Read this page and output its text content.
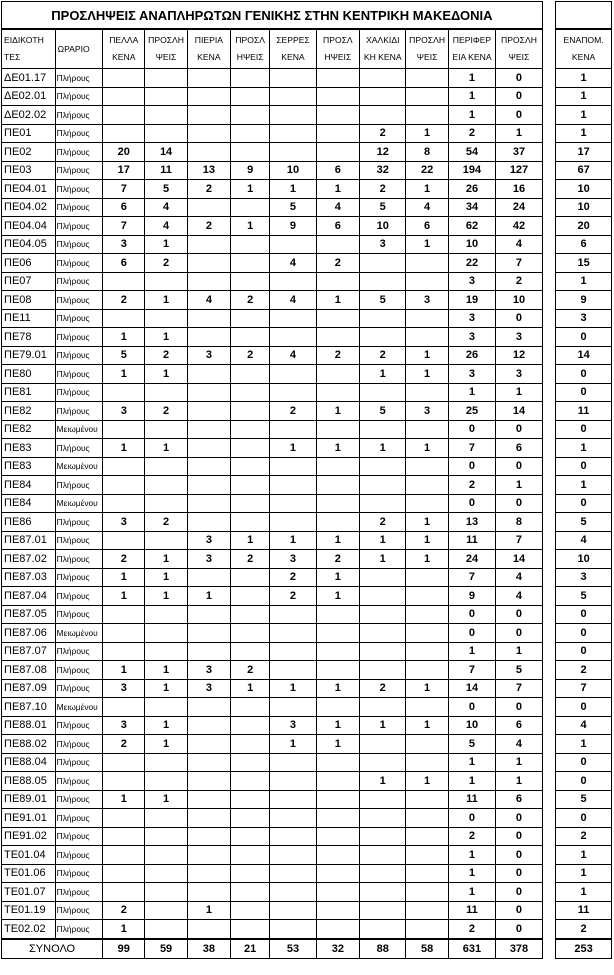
ΠΡΟΣΛΗΨΕΙΣ ΑΝΑΠΛΗΡΩΤΩΝ ΓΕΝΙΚΗΣ ΣΤΗΝ ΚΕΝΤΡΙΚΗ ΜΑΚΕΔΟΝΙΑ													
ΕΙΔΙΚΟΤΗ ΤΕΣ	ΩΡΑΡΙΟ	ΠΕΛΛΑ ΚΕΝΑ	ΠΡΟΣΛΗ ΨΕΙΣ	ΠΙΕΡΙΑ ΚΕΝΑ	ΠΡΟΣΛ ΗΨΕΙΣ	ΣΕΡΡΕΣ ΚΕΝΑ	ΠΡΟΣΛ ΗΨΕΙΣ	ΧΑΛΚΙΔΙ ΚΗ ΚΕΝΑ	ΠΡΟΣΛΗ ΨΕΙΣ	ΠΕΡΙΦΕΡ ΕΙΑ ΚΕΝΑ	ΠΡΟΣΛΗ ΨΕΙΣ		ΕΝΑΠΟΜ. ΚΕΝΑ
ΔΕ01.17	Πλήρους									1	0		1
ΔΕ02.01	Πλήρους									1	0		1
ΔΕ02.02	Πλήρους									1	0		1
ΠΕ01	Πλήρους							2	1	2	1		1
ΠΕ02	Πλήρους	20	14					12	8	54	37		17
ΠΕ03	Πλήρους	17	11	13	9	10	6	32	22	194	127		67
ΠΕ04.01	Πλήρους	7	5	2	1	1	1	2	1	26	16		10
ΠΕ04.02	Πλήρους	6	4			5	4	5	4	34	24		10
ΠΕ04.04	Πλήρους	7	4	2	1	9	6	10	6	62	42		20
ΠΕ04.05	Πλήρους	3	1					3	1	10	4		6
ΠΕ06	Πλήρους	6	2			4	2			22	7		15
ΠΕ07	Πλήρους									3	2		1
ΠΕ08	Πλήρους	2	1	4	2	4	1	5	3	19	10		9
ΠΕ11	Πλήρους									3	0		3
ΠΕ78	Πλήρους	1	1							3	3		0
ΠΕ79.01	Πλήρους	5	2	3	2	4	2	2	1	26	12		14
ΠΕ80	Πλήρους	1	1					1	1	3	3		0
ΠΕ81	Πλήρους									1	1		0
ΠΕ82	Πλήρους	3	2			2	1	5	3	25	14		11
ΠΕ82	Μειωμένου									0	0		0
ΠΕ83	Πλήρους	1	1			1	1	1	1	7	6		1
ΠΕ83	Μειωμένου									0	0		0
ΠΕ84	Πλήρους									2	1		1
ΠΕ84	Μειωμένου									0	0		0
ΠΕ86	Πλήρους	3	2					2	1	13	8		5
ΠΕ87.01	Πλήρους			3	1	1	1	1	1	11	7		4
ΠΕ87.02	Πλήρους	2	1	3	2	3	2	1	1	24	14		10
ΠΕ87.03	Πλήρους	1	1			2	1			7	4		3
ΠΕ87.04	Πλήρους	1	1	1		2	1			9	4		5
ΠΕ87.05	Πλήρους									0	0		0
ΠΕ87.06	Μειωμένου									0	0		0
ΠΕ87.07	Πλήρους									1	1		0
ΠΕ87.08	Πλήρους	1	1	3	2					7	5		2
ΠΕ87.09	Πλήρους	3	1	3	1	1	1	2	1	14	7		7
ΠΕ87.10	Μειωμένου									0	0		0
ΠΕ88.01	Πλήρους	3	1			3	1	1	1	10	6		4
ΠΕ88.02	Πλήρους	2	1			1	1			5	4		1
ΠΕ88.04	Πλήρους									1	1		0
ΠΕ88.05	Πλήρους							1	1	1	1		0
ΠΕ89.01	Πλήρους	1	1							11	6		5
ΠΕ91.01	Πλήρους									0	0		0
ΠΕ91.02	Πλήρους									2	0		2
ΤΕ01.04	Πλήρους									1	0		1
ΤΕ01.06	Πλήρους									1	0		1
ΤΕ01.07	Πλήρους									1	0		1
ΤΕ01.19	Πλήρους	2		1						11	0		11
ΤΕ02.02	Πλήρους	1								2	0		2
ΣΥΝΟΛΟ		99	59	38	21	53	32	88	58	631	378		253
